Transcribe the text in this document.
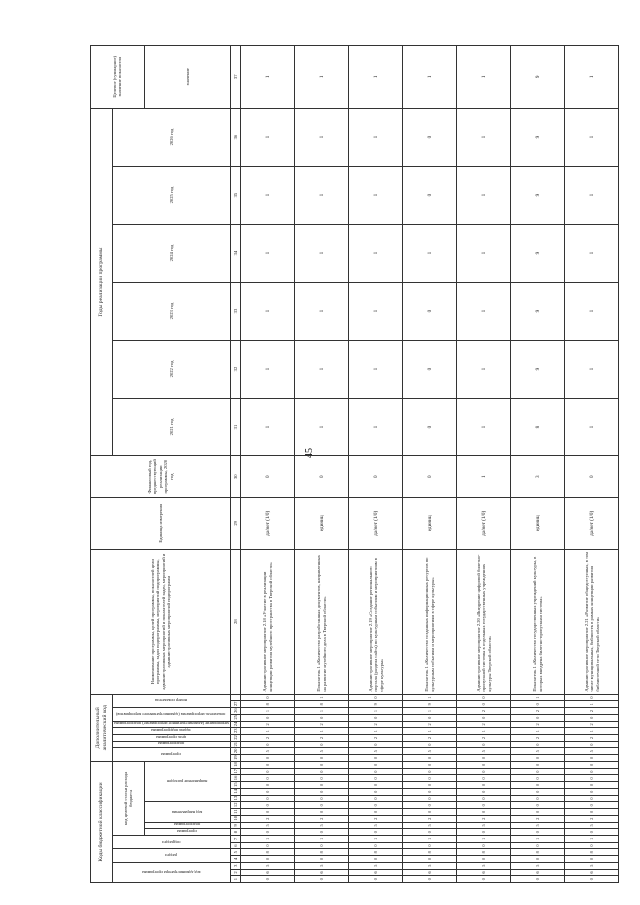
45
Коды бюджетной классификации																		Дополнительный аналитический код										Наименование программы, целей программы, показателей цели программы, задач подпрограммы, мероприятий подпрограммы, административных мероприятий и показателей задач, мероприятий и административных мероприятий подпрограмм	Единица измерения	Финансовый год, предшествующий реализации программы, 2020 год	Годы реализации программы						Целевое (суммарное) значение показателя
код администратора программы			раздел		подраздел		код целевой статьи расхода бюджета											программа		подпрограмма	цель программы	задача подпрограммы	мероприятие (административное мероприятие) подпрограммы	показатель мероприятия (административного мероприятия)		номер показателя					2021 год	2022 год	2023 год	2024 год	2025 год	2026 год	
							программа	подпрограмма	код направления			направление расходов																									значение
1	2	3	4	5	6	7	8	9	10	11	12	13	14	15	16	17	18	19	20	21	22	23	24	25	26	27		28	29	30	31	32	33	34	35	36	37
0	6	5	0	8	0	1	0	5	2	0	0	0	0	0	0	0	0	0	5	0	2	1	2	0	1	8	0	Административное мероприятие 2.18 «Участие в реализации концепции развития музейного пространства в Тверской области»	да/нет (1/0)	0	1	1	1	1	1	1	1
0	6	5	0	8	0	1	0	5	2	0	0	0	0	0	0	0	0	0	5	0	2	1	2	0	1	8	1	Показатель 1 «Количество разработанных документов, направленных на развитие музейного дела в Тверской области»	единиц	0	1	1	1	1	1	1	1
0	6	5	0	8	0	1	0	5	2	0	0	0	0	0	0	0	0	0	5	0	2	1	2	0	1	9	0	Административное мероприятие 2.19 «Создание регионального портала (раздела сайта) по культурным событиям и мероприятиям в сфере культуры»	да/нет (1/0)	0	1	1	1	1	1	1	1
0	6	5	0	8	0	1	0	5	2	0	0	0	0	0	0	0	0	0	5	0	2	1	2	0	1	9	1	Показатель 1 «Количество созданных информационных ресурсов по культурным событиям и мероприятиям в сфере культуры»	единиц	0	0	0	0	1	0	0	1
0	6	5	0	8	0	1	0	5	2	0	0	0	0	0	0	0	0	0	5	0	2	1	2	0	2	0	0	Административное мероприятие 2.20 «Внедрение цифровой билетно-пропускной системы в отдельных государственных учреждениях культуры Тверской области»	да/нет (1/0)	1	1	1	1	1	1	1	1
0	6	5	0	8	0	1	0	5	2	0	0	0	0	0	0	0	0	0	5	0	2	1	2	0	2	0	1	Показатель 1 «Количество государственных учреждений культуры, в которых внедрена билетно-пропускная система»	единиц	3	8	9	9	9	9	9	9
0	6	5	0	8	0	1	0	5	2	0	0	0	0	0	0	0	0	0	5	0	2	1	2	0	2	1	0	Административное мероприятие 2.21 «Развитие общедоступных, в том числе муниципальных, библиотек в рамках концепции развития библиотечной сети Тверской области»	да/нет (1/0)	0	1	1	1	1	1	1	1
